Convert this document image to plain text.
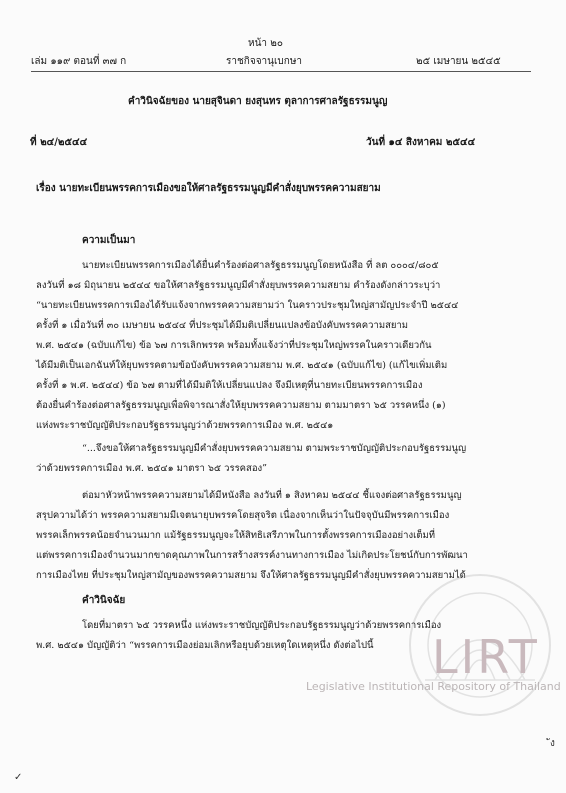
หน้า ๒๐
เล่ม ๑๑๙ ตอนที่ ๓๗ ก	ราชกิจจานุเบกษา	๒๕ เมษายน ๒๕๔๕
คำวินิจฉัยของ นายสุจินดา ยงสุนทร ตุลาการศาลรัฐธรรมนูญ
ที่ ๒๔/๒๕๔๔	วันที่ ๑๔ สิงหาคม ๒๕๔๔
เรื่อง นายทะเบียนพรรคการเมืองขอให้ศาลรัฐธรรมนูญมีคำสั่งยุบพรรคความสยาม
ความเป็นมา
นายทะเบียนพรรคการเมืองได้ยื่นคำร้องต่อศาลรัฐธรรมนูญโดยหนังสือ ที่ ลต ๐๐๐๔/๘๐๕
ลงวันที่ ๑๘ มิถุนายน ๒๕๔๔ ขอให้ศาลรัฐธรรมนูญมีคำสั่งยุบพรรคความสยาม คำร้องดังกล่าวระบุว่า
“นายทะเบียนพรรคการเมืองได้รับแจ้งจากพรรคความสยามว่า ในคราวประชุมใหญ่สามัญประจำปี ๒๕๔๔
ครั้งที่ ๑ เมื่อวันที่ ๓๐ เมษายน ๒๕๔๔ ที่ประชุมได้มีมติเปลี่ยนแปลงข้อบังคับพรรคความสยาม
พ.ศ. ๒๕๔๑ (ฉบับแก้ไข) ข้อ ๖๗ การเลิกพรรค พร้อมทั้งแจ้งว่าที่ประชุมใหญ่พรรคในคราวเดียวกัน
ได้มีมติเป็นเอกฉันท์ให้ยุบพรรคตามข้อบังคับพรรคความสยาม พ.ศ. ๒๕๔๑ (ฉบับแก้ไข) (แก้ไขเพิ่มเติม
ครั้งที่ ๑ พ.ศ. ๒๕๔๔) ข้อ ๖๗ ตามที่ได้มีมติให้เปลี่ยนแปลง จึงมีเหตุที่นายทะเบียนพรรคการเมือง
ต้องยื่นคำร้องต่อศาลรัฐธรรมนูญเพื่อพิจารณาสั่งให้ยุบพรรคความสยาม ตามมาตรา ๖๕ วรรคหนึ่ง (๑)
แห่งพระราชบัญญัติประกอบรัฐธรรมนูญว่าด้วยพรรคการเมือง พ.ศ. ๒๕๔๑
“...จึงขอให้ศาลรัฐธรรมนูญมีคำสั่งยุบพรรคความสยาม ตามพระราชบัญญัติประกอบรัฐธรรมนูญ
ว่าด้วยพรรคการเมือง พ.ศ. ๒๕๔๑ มาตรา ๖๕ วรรคสอง”
ต่อมาหัวหน้าพรรคความสยามได้มีหนังสือ ลงวันที่ ๑ สิงหาคม ๒๕๔๔ ชี้แจงต่อศาลรัฐธรรมนูญ
สรุปความได้ว่า พรรคความสยามมีเจตนายุบพรรคโดยสุจริต เนื่องจากเห็นว่าในปัจจุบันมีพรรคการเมือง
พรรคเล็กพรรคน้อยจำนวนมาก แม้รัฐธรรมนูญจะให้สิทธิเสรีภาพในการตั้งพรรคการเมืองอย่างเต็มที่
แต่พรรคการเมืองจำนวนมากขาดคุณภาพในการสร้างสรรค์งานทางการเมือง ไม่เกิดประโยชน์กับการพัฒนา
การเมืองไทย ที่ประชุมใหญ่สามัญของพรรคความสยาม จึงให้ศาลรัฐธรรมนูญมีคำสั่งยุบพรรคความสยามได้
คำวินิจฉัย
โดยที่มาตรา ๖๕ วรรคหนึ่ง แห่งพระราชบัญญัติประกอบรัฐธรรมนูญว่าด้วยพรรคการเมือง
พ.ศ. ๒๕๔๑ บัญญัติว่า “พรรคการเมืองย่อมเลิกหรือยุบด้วยเหตุใดเหตุหนึ่ง ดังต่อไปนี้ LIRT
Legislative Institutional Repository of Thailand
✓
ัง
